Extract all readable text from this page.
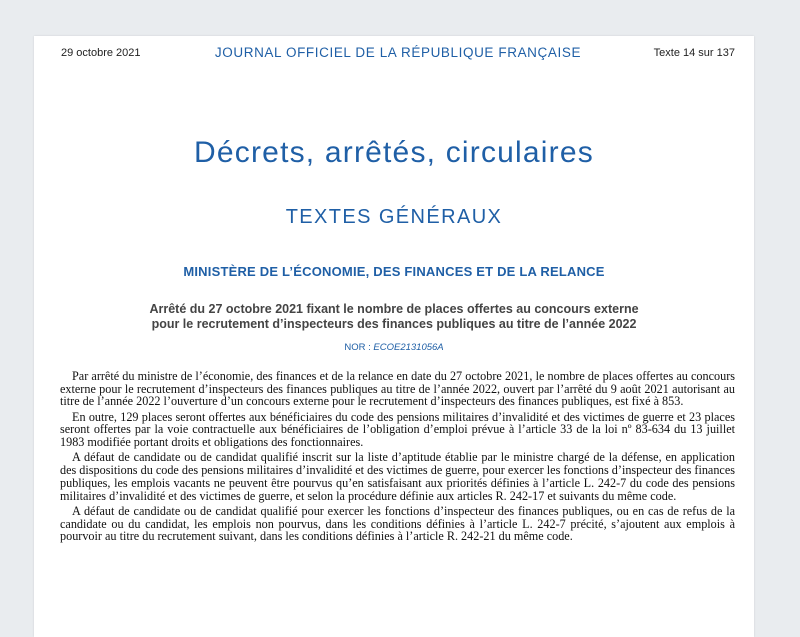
29 octobre 2021	JOURNAL OFFICIEL DE LA RÉPUBLIQUE FRANÇAISE	Texte 14 sur 137
Décrets, arrêtés, circulaires
TEXTES GÉNÉRAUX
MINISTÈRE DE L’ÉCONOMIE, DES FINANCES ET DE LA RELANCE
Arrêté du 27 octobre 2021 fixant le nombre de places offertes au concours externe
pour le recrutement d’inspecteurs des finances publiques au titre de l’année 2022
NOR : ECOE2131056A

Par arrêté du ministre de l’économie, des finances et de la relance en date du 27 octobre 2021, le nombre de places offertes au concours externe pour le recrutement d’inspecteurs des finances publiques au titre de l’année 2022, ouvert par l’arrêté du 9 août 2021 autorisant au titre de l’année 2022 l’ouverture d’un concours externe pour le recrutement d’inspecteurs des finances publiques, est fixé à 853.

En outre, 129 places seront offertes aux bénéficiaires du code des pensions militaires d’invalidité et des victimes de guerre et 23 places seront offertes par la voie contractuelle aux bénéficiaires de l’obligation d’emploi prévue à l’article 33 de la loi nº 83-634 du 13 juillet 1983 modifiée portant droits et obligations des fonctionnaires.

A défaut de candidate ou de candidat qualifié inscrit sur la liste d’aptitude établie par le ministre chargé de la défense, en application des dispositions du code des pensions militaires d’invalidité et des victimes de guerre, pour exercer les fonctions d’inspecteur des finances publiques, les emplois vacants ne peuvent être pourvus qu’en satisfaisant aux priorités définies à l’article L. 242-7 du code des pensions militaires d’invalidité et des victimes de guerre, et selon la procédure définie aux articles R. 242-17 et suivants du même code.

A défaut de candidate ou de candidat qualifié pour exercer les fonctions d’inspecteur des finances publiques, ou en cas de refus de la candidate ou du candidat, les emplois non pourvus, dans les conditions définies à l’article L. 242-7 précité, s’ajoutent aux emplois à pourvoir au titre du recrutement suivant, dans les conditions définies à l’article R. 242-21 du même code.
